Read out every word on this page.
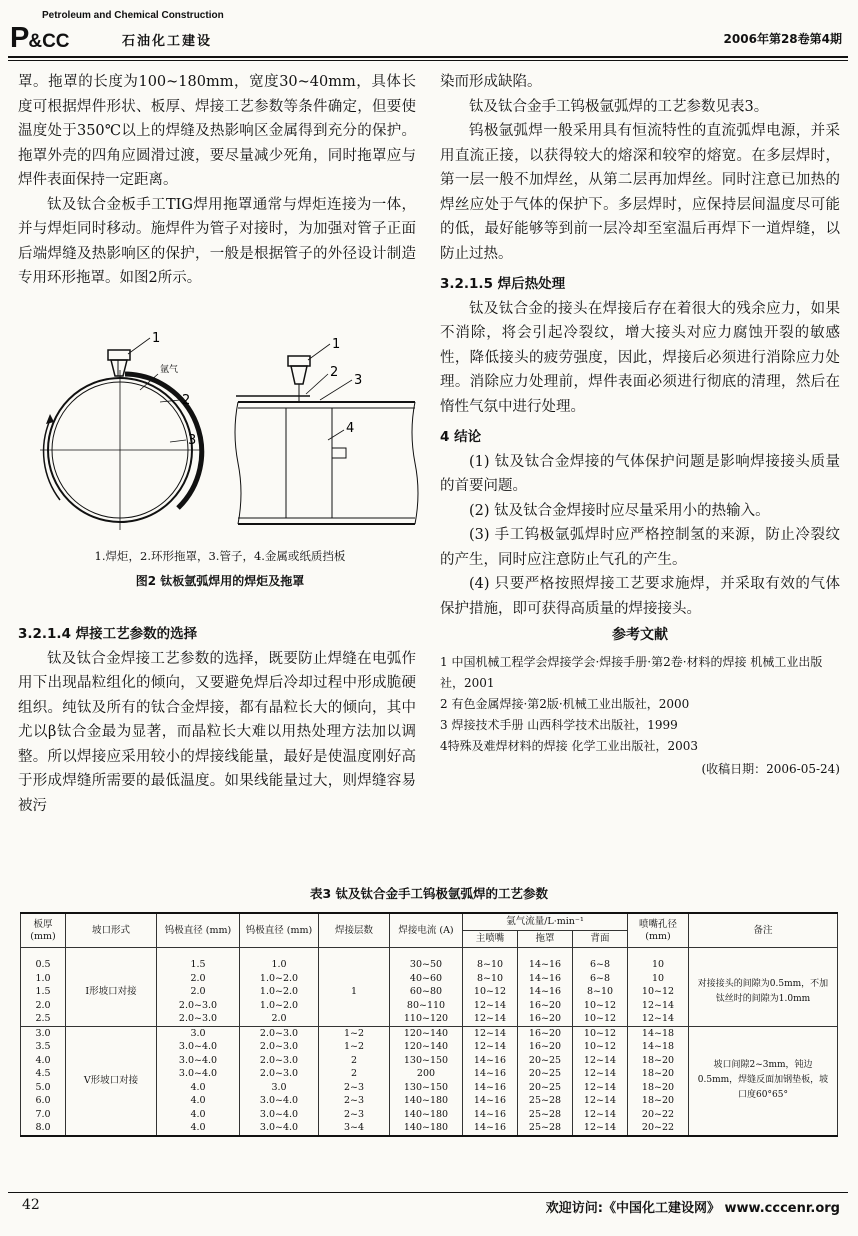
Petroleum and Chemical Construction
P&CC	石油化工建设	2006年第28卷第4期

罩。拖罩的长度为100~180mm，宽度30~40mm，具体长度可根据焊件形状、板厚、焊接工艺参数等条件确定，但要使温度处于350℃以上的焊缝及热影响区金属得到充分的保护。拖罩外壳的四角应圆滑过渡，要尽量减少死角，同时拖罩应与焊件表面保持一定距离。

钛及钛合金板手工TIG焊用拖罩通常与焊炬连接为一体，并与焊炬同时移动。施焊件为管子对接时，为加强对管子正面后端焊缝及热影响区的保护，一般是根据管子的外径设计制造专用环形拖罩。如图2所示。

1
氩气
2
3
1
2
3
4
1.焊炬，2.环形拖罩，3.管子，4.金属或纸质挡板
图2 钛板氩弧焊用的焊炬及拖罩

3.2.1.4 焊接工艺参数的选择

钛及钛合金焊接工艺参数的选择，既要防止焊缝在电弧作用下出现晶粒组化的倾向，又要避免焊后冷却过程中形成脆硬组织。纯钛及所有的钛合金焊接，都有晶粒长大的倾向，其中尤以β钛合金最为显著，而晶粒长大难以用热处理方法加以调整。所以焊接应采用较小的焊接线能量，最好是使温度刚好高于形成焊缝所需要的最低温度。如果线能量过大，则焊缝容易被污

染而形成缺陷。

钛及钛合金手工钨极氩弧焊的工艺参数见表3。

钨极氩弧焊一般采用具有恒流特性的直流弧焊电源，并采用直流正接，以获得较大的熔深和较窄的熔宽。在多层焊时，第一层一般不加焊丝，从第二层再加焊丝。同时注意已加热的焊丝应处于气体的保护下。多层焊时，应保持层间温度尽可能的低，最好能够等到前一层冷却至室温后再焊下一道焊缝，以防止过热。

3.2.1.5 焊后热处理

钛及钛合金的接头在焊接后存在着很大的残余应力，如果不消除，将会引起冷裂纹，增大接头对应力腐蚀开裂的敏感性，降低接头的疲劳强度，因此，焊接后必须进行消除应力处理。消除应力处理前，焊件表面必须进行彻底的清理，然后在惰性气氛中进行处理。

4 结论

(1) 钛及钛合金焊接的气体保护问题是影响焊接接头质量的首要问题。

(2) 钛及钛合金焊接时应尽量采用小的热输入。

(3) 手工钨极氩弧焊时应严格控制氢的来源，防止冷裂纹的产生，同时应注意防止气孔的产生。

(4) 只要严格按照焊接工艺要求施焊，并采取有效的气体保护措施，即可获得高质量的焊接接头。

参考文献

1 中国机械工程学会焊接学会·焊接手册·第2卷·材料的焊接 机械工业出版社，2001

2 有色金属焊接·第2版·机械工业出版社，2000

3 焊接技术手册 山西科学技术出版社，1999

4特殊及难焊材料的焊接 化学工业出版社，2003

(收稿日期：2006-05-24)

表3 钛及钛合金手工钨极氩弧焊的工艺参数
板厚 (mm)	坡口形式	钨极直径 (mm)	钨极直径 (mm)	焊接层数	焊接电流 (A)	氩气流量/L·min⁻¹			喷嘴孔径 (mm)	备注
						主喷嘴	拖罩	背面		
0.5	I形坡口对接	1.5	1.0	1	30~50	8~10	14~16	6~8	10	对接接头的间隙为0.5mm，不加钛丝时的间隙为1.0mm
1.0		2.0	1.0~2.0		40~60	8~10	14~16	6~8	10	
1.5		2.0	1.0~2.0		60~80	10~12	14~16	8~10	10~12	
2.0		2.0~3.0	1.0~2.0		80~110	12~14	16~20	10~12	12~14	
2.5		2.0~3.0	2.0		110~120	12~14	16~20	10~12	12~14	
3.0	V形坡口对接	3.0	2.0~3.0	1~2	120~140	12~14	16~20	10~12	14~18	坡口间隙2~3mm，钝边0.5mm，焊缝反面加钢垫板，坡口度60°65°
3.5		3.0~4.0	2.0~3.0	1~2	120~140	12~14	16~20	10~12	14~18	
4.0		3.0~4.0	2.0~3.0	2	130~150	14~16	20~25	12~14	18~20	
4.5		3.0~4.0	2.0~3.0	2	200	14~16	20~25	12~14	18~20	
5.0		4.0	3.0	2~3	130~150	14~16	20~25	12~14	18~20	
6.0		4.0	3.0~4.0	2~3	140~180	14~16	25~28	12~14	18~20	
7.0		4.0	3.0~4.0	2~3	140~180	14~16	25~28	12~14	20~22	
8.0		4.0	3.0~4.0	3~4	140~180	14~16	25~28	12~14	20~22	
42	欢迎访问:《中国化工建设网》 www.cccenr.org
